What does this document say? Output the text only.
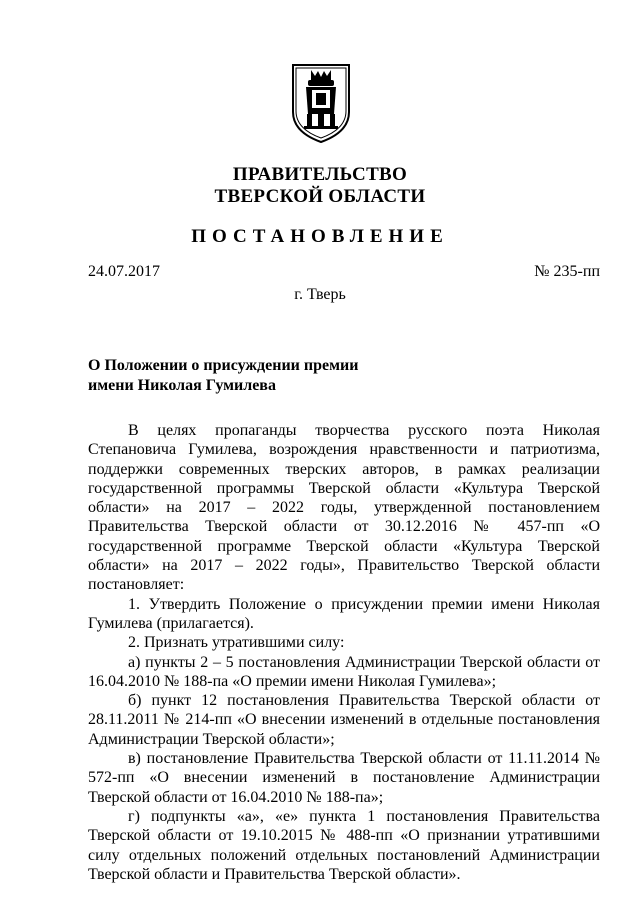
ПРАВИТЕЛЬСТВО
ТВЕРСКОЙ ОБЛАСТИ
ПОСТАНОВЛЕНИЕ
24.07.2017	№ 235-пп
г. Тверь
О Положении о присуждении премии
имени Николая Гумилева

В целях пропаганды творчества русского поэта Николая Степановича Гумилева, возрождения нравственности и патриотизма, поддержки современных тверских авторов, в рамках реализации государственной программы Тверской области «Культура Тверской области» на 2017 – 2022 годы, утвержденной постановлением Правительства Тверской области от 30.12.2016 № 457-пп «О государственной программе Тверской области «Культура Тверской области» на 2017 – 2022 годы», Правительство Тверской области постановляет:

1. Утвердить Положение о присуждении премии имени Николая Гумилева (прилагается).

2. Признать утратившими силу:

а) пункты 2 – 5 постановления Администрации Тверской области от 16.04.2010 № 188-па «О премии имени Николая Гумилева»;

б) пункт 12 постановления Правительства Тверской области от 28.11.2011 № 214-пп «О внесении изменений в отдельные постановления Администрации Тверской области»;

в) постановление Правительства Тверской области от 11.11.2014 № 572-пп «О внесении изменений в постановление Администрации Тверской области от 16.04.2010 № 188-па»;

г) подпункты «а», «е» пункта 1 постановления Правительства Тверской области от 19.10.2015 № 488-пп «О признании утратившими силу отдельных положений отдельных постановлений Администрации Тверской области и Правительства Тверской области».
